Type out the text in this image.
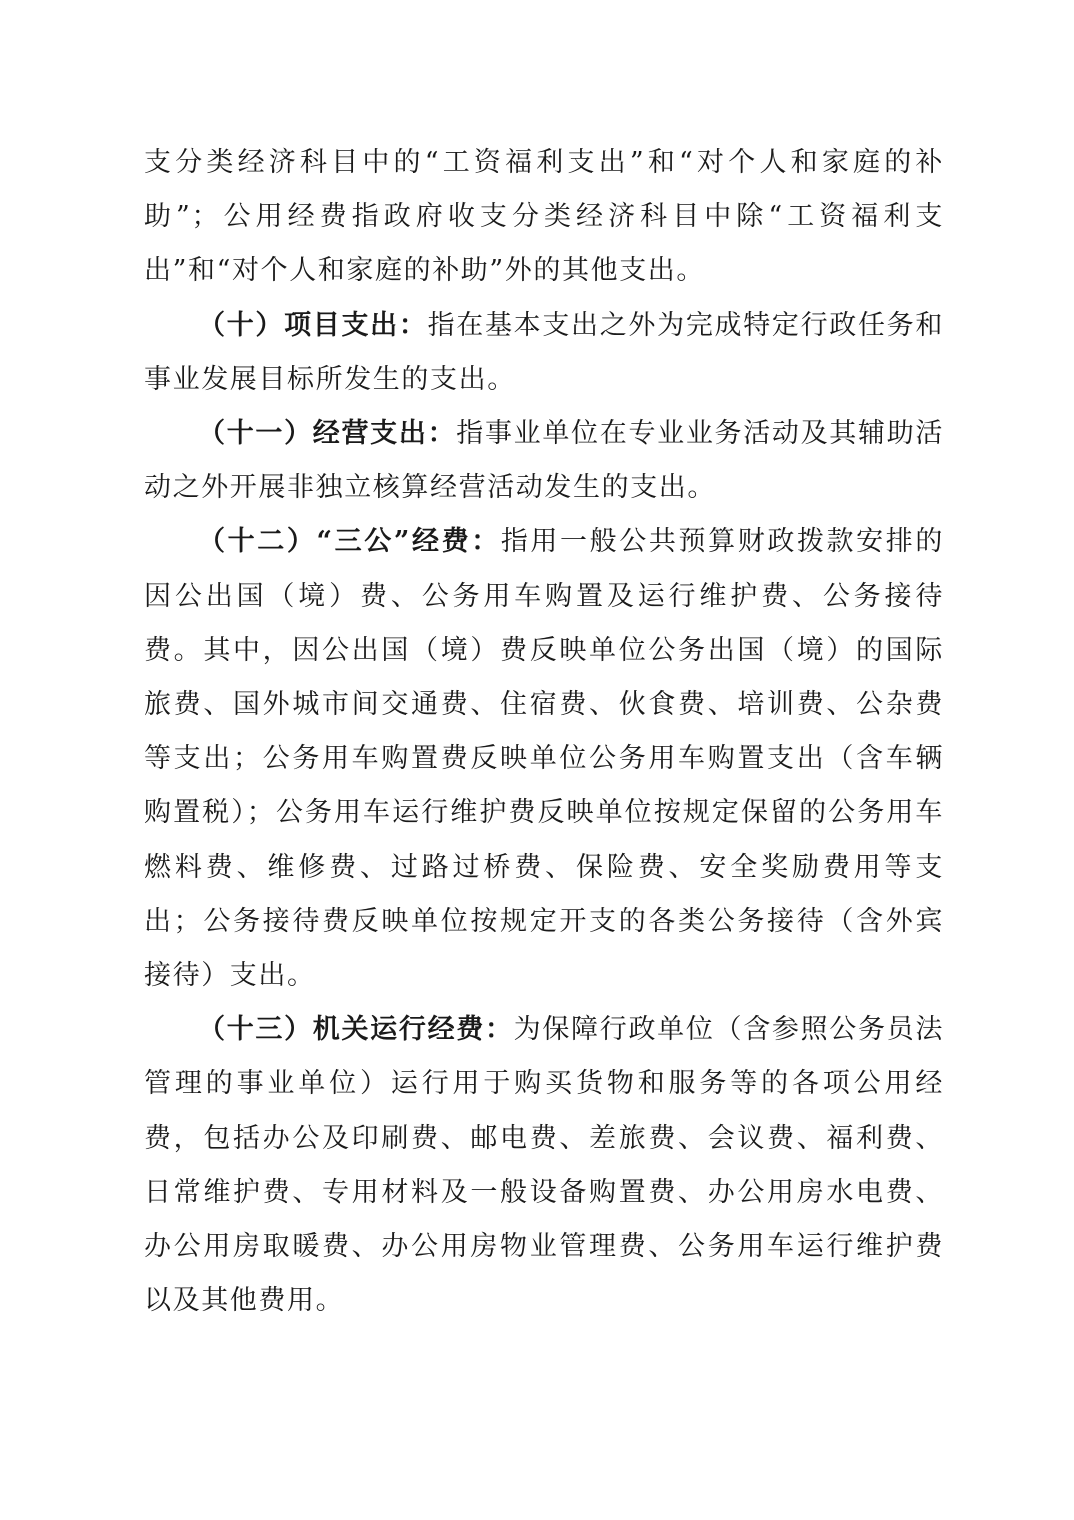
支分类经济科目中的“工资福利支出”和“对个人和家庭的补助”；公用经费指政府收支分类经济科目中除“工资福利支出”和“对个人和家庭的补助”外的其他支出。

（十）项目支出：指在基本支出之外为完成特定行政任务和事业发展目标所发生的支出。

（十一）经营支出：指事业单位在专业业务活动及其辅助活动之外开展非独立核算经营活动发生的支出。

（十二）“三公”经费：指用一般公共预算财政拨款安排的因公出国（境）费、公务用车购置及运行维护费、公务接待费。其中，因公出国（境）费反映单位公务出国（境）的国际旅费、国外城市间交通费、住宿费、伙食费、培训费、公杂费等支出；公务用车购置费反映单位公务用车购置支出（含车辆购置税）；公务用车运行维护费反映单位按规定保留的公务用车燃料费、维修费、过路过桥费、保险费、安全奖励费用等支出；公务接待费反映单位按规定开支的各类公务接待（含外宾接待）支出。

（十三）机关运行经费：为保障行政单位（含参照公务员法管理的事业单位）运行用于购买货物和服务等的各项公用经费，包括办公及印刷费、邮电费、差旅费、会议费、福利费、日常维护费、专用材料及一般设备购置费、办公用房水电费、办公用房取暖费、办公用房物业管理费、公务用车运行维护费以及其他费用。
